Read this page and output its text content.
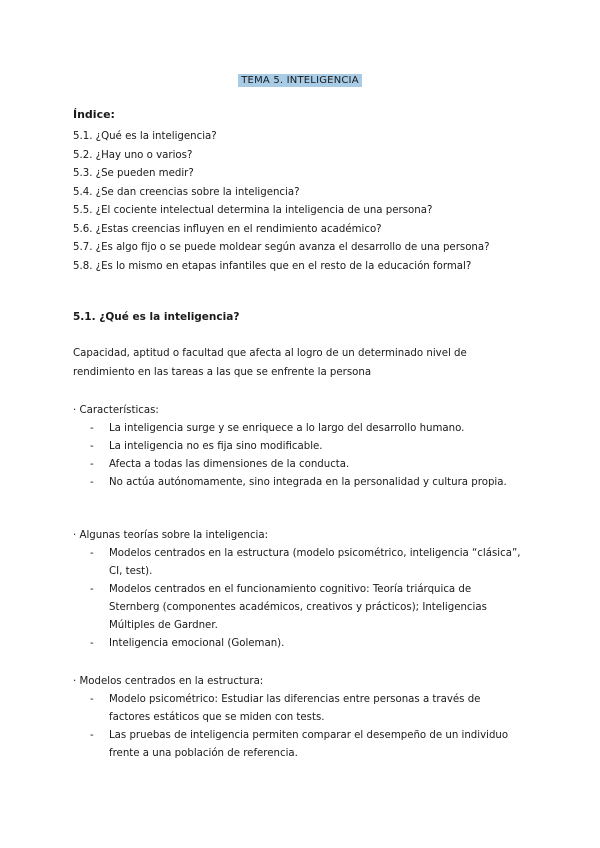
TEMA 5. INTELIGENCIA
Índice:
5.1. ¿Qué es la inteligencia?
5.2. ¿Hay uno o varios?
5.3. ¿Se pueden medir?
5.4. ¿Se dan creencias sobre la inteligencia?
5.5. ¿El cociente intelectual determina la inteligencia de una persona?
5.6. ¿Estas creencias influyen en el rendimiento académico?
5.7. ¿Es algo fijo o se puede moldear según avanza el desarrollo de una persona?
5.8. ¿Es lo mismo en etapas infantiles que en el resto de la educación formal?
5.1. ¿Qué es la inteligencia?
Capacidad, aptitud o facultad que afecta al logro de un determinado nivel de rendimiento en las tareas a las que se enfrente la persona
· Características:
- La inteligencia surge y se enriquece a lo largo del desarrollo humano.
- La inteligencia no es fija sino modificable.
- Afecta a todas las dimensiones de la conducta.
- No actúa autónomamente, sino integrada en la personalidad y cultura propia.
· Algunas teorías sobre la inteligencia:
- Modelos centrados en la estructura (modelo psicométrico, inteligencia “clásica”, CI, test).
- Modelos centrados en el funcionamiento cognitivo: Teoría triárquica de Sternberg (componentes académicos, creativos y prácticos); Inteligencias Múltiples de Gardner.
- Inteligencia emocional (Goleman).
· Modelos centrados en la estructura:
- Modelo psicométrico: Estudiar las diferencias entre personas a través de factores estáticos que se miden con tests.
- Las pruebas de inteligencia permiten comparar el desempeño de un individuo frente a una población de referencia.
